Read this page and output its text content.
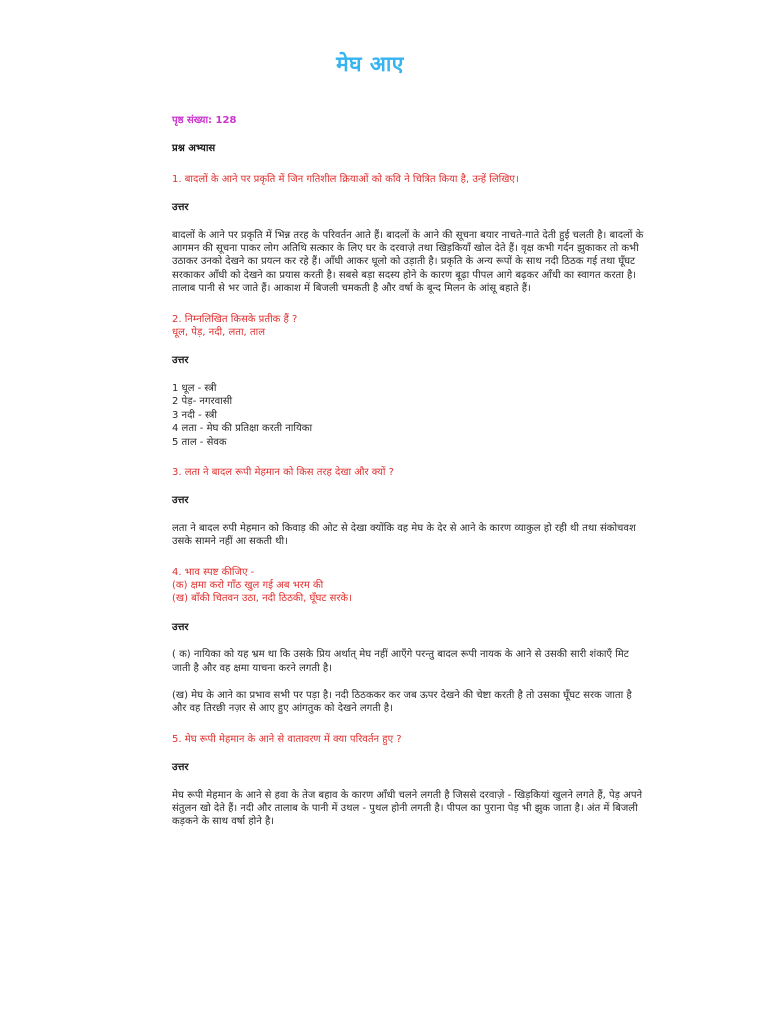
मेघ आए

पृष्ठ संख्या: 128

प्रश्न अभ्यास

1. बादलों के आने पर प्रकृति में जिन गतिशील क्रियाओं को कवि ने चित्रित किया है, उन्हें लिखिए।

उत्तर

बादलों के आने पर प्रकृति में भिन्न तरह के परिवर्तन आते हैं। बादलों के आने की सूचना बयार नाचते-गाते देती हुई चलती है। बादलों के आगमन की सूचना पाकर लोग अतिथि सत्कार के लिए घर के दरवाज़े तथा खिड़कियाँ खोल देते हैं। वृक्ष कभी गर्दन झुकाकर तो कभी उठाकर उनको देखने का प्रयत्न कर रहे हैं। आँधी आकर धूलो को उड़ाती है। प्रकृति के अन्य रूपों के साथ नदी ठिठक गई तथा घूँघट सरकाकर आँधी को देखने का प्रयास करती है। सबसे बड़ा सदस्य होने के कारण बूढ़ा पीपल आगे बढ़कर आँधी का स्वागत करता है। तालाब पानी से भर जाते हैं। आकाश में बिजली चमकती है और वर्षा के बून्द मिलन के आंसू बहाते हैं।

2. निम्नलिखित किसके प्रतीक हैं ?

धूल, पेड़, नदी, लता, ताल

उत्तर

1 धूल - स्त्री
2 पेड़- नगरवासी
3 नदी - स्त्री
4 लता - मेघ की प्रतिक्षा करती नायिका
5 ताल - सेवक

3. लता ने बादल रूपी मेहमान को किस तरह देखा और क्यों ?

उत्तर

लता ने बादल रुपी मेहमान को किवाड़ की ओट से देखा क्योंकि वह मेघ के देर से आने के कारण व्याकुल हो रही थी तथा संकोचवश उसके सामने नहीं आ सकती थी।

4. भाव स्पष्ट कीजिए -

(क) क्षमा करो गाँठ खुल गई अब भरम की

(ख) बाँकी चितवन उठा, नदी ठिठकी, घूँघट सरके।

उत्तर

( क) नायिका को यह भ्रम था कि उसके प्रिय अर्थात् मेघ नहीं आएँगे परन्तु बादल रूपी नायक के आने से उसकी सारी शंकाएँ मिट जाती है और वह क्षमा याचना करने लगती है।

(ख) मेघ के आने का प्रभाव सभी पर पड़ा है। नदी ठिठककर कर जब ऊपर देखने की चेष्टा करती है तो उसका घूँघट सरक जाता है और वह तिरछी नज़र से आए हुए आंगतुक को देखने लगती है।

5. मेघ रूपी मेहमान के आने से वातावरण में क्या परिवर्तन हुए ?

उत्तर

मेघ रूपी मेहमान के आने से हवा के तेज बहाव के कारण आँधी चलने लगती है जिससे दरवाज़े - खिड़कियां खुलने लगते हैं, पेड़ अपने संतुलन खो देते हैं। नदी और तालाब के पानी में उथल - पुथल होनी लगती है। पीपल का पुराना पेड़ भी झुक जाता है। अंत में बिजली कड़कने के साथ वर्षा होने है।
